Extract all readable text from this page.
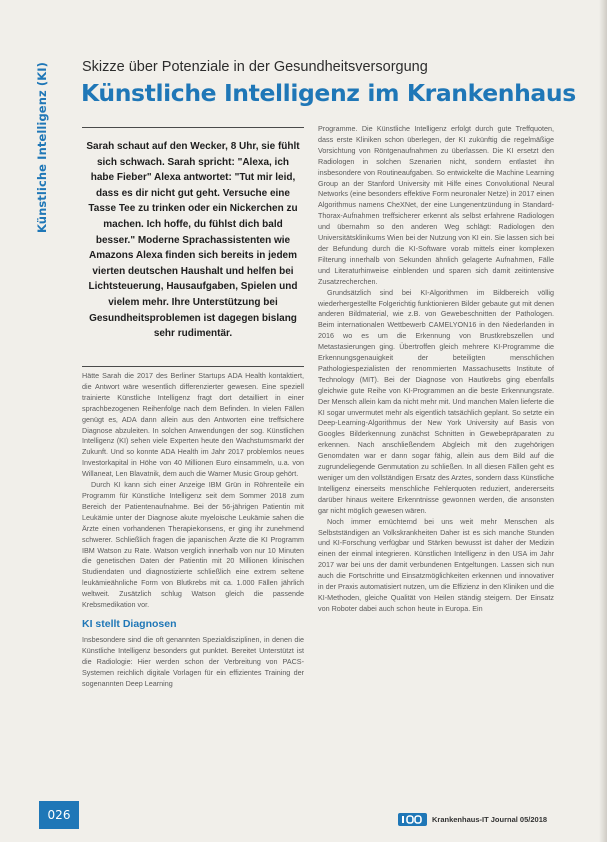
Künstliche Intelligenz (KI) Skizze über Potenziale in der Gesundheitsversorgung
Künstliche Intelligenz im Krankenhaus
Sarah schaut auf den Wecker, 8 Uhr, sie fühlt sich schwach. Sarah spricht: "Alexa, ich habe Fieber" Alexa antwortet: "Tut mir leid, dass es dir nicht gut geht. Versuche eine Tasse Tee zu trinken oder ein Nickerchen zu machen. Ich hoffe, du fühlst dich bald besser." Moderne Sprachassistenten wie Amazons Alexa finden sich bereits in jedem vierten deutschen Haushalt und helfen bei Lichtsteuerung, Hausaufgaben, Spielen und vielem mehr. Ihre Unterstützung bei Gesundheitsproblemen ist dagegen bislang sehr rudimentär.

Hätte Sarah die 2017 des Berliner Startups ADA Health kontaktiert, die Antwort wäre wesentlich differenzierter gewesen. Eine speziell trainierte Künstliche Intelligenz fragt dort detailliert in einer sprachbezogenen Reihenfolge nach dem Befinden. In vielen Fällen genügt es, ADA dann allein aus den Antworten eine treffsichere Diagnose abzuleiten. In solchen Anwendungen der sog. Künstlichen Intelligenz (KI) sehen viele Experten heute den Wachstumsmarkt der Zukunft. Und so konnte ADA Health im Jahr 2017 problemlos neues Investorkapital in Höhe von 40 Millionen Euro einsammeln, u.a. von Willaneat, Len Blavatnik, dem auch die Warner Music Group gehört.

Durch KI kann sich einer Anzeige IBM Grün in Röhrenteile ein Programm für Künstliche Intelligenz seit dem Sommer 2018 zum Bereich der Patientenaufnahme. Bei der 56-jährigen Patientin mit Leukämie unter der Diagnose akute myeloische Leukämie sahen die Ärzte einen vorhandenen Therapiekonsens, er ging ihr zunehmend schwerer. Schließlich fragen die japanischen Ärzte die KI Programm IBM Watson zu Rate. Watson verglich innerhalb von nur 10 Minuten die genetischen Daten der Patientin mit 20 Millionen klinischen Studiendaten und diagnostizierte schließlich eine extrem seltene leukämieähnliche Form von Blutkrebs mit ca. 1.000 Fällen jährlich weltweit. Zusätzlich schlug Watson gleich die passende Krebsmedikation vor.

KI stellt Diagnosen

Insbesondere sind die oft genannten Spezialdisziplinen, in denen die Künstliche Intelligenz besonders gut punktet. Bereitet Unterstützt ist die Radiologie: Hier werden schon der Verbreitung von PACS-Systemen reichlich digitale Vorlagen für ein effizientes Training der sogenannten Deep Learning

Programme. Die Künstliche Intelligenz erfolgt durch gute Treffquoten, dass erste Kliniken schon überlegen, der KI zukünftig die regelmäßige Vorsichtung von Röntgenaufnahmen zu überlassen. Die KI ersetzt den Radiologen in solchen Szenarien nicht, sondern entlastet ihn insbesondere von Routineaufgaben. So entwickelte die Machine Learning Group an der Stanford University mit Hilfe eines Convolutional Neural Networks (eine besonders effektive Form neuronaler Netze) in 2017 einen Algorithmus namens CheXNet, der eine Lungenentzündung in Standard-Thorax-Aufnahmen treffsicherer erkennt als selbst erfahrene Radiologen und übernahm so den anderen Weg schlägt: Radiologen den Universitätsklinikums Wien bei der Nutzung von KI ein. Sie lassen sich bei der Befundung durch die KI-Software vorab mittels einer komplexen Filterung innerhalb von Sekunden ähnlich gelagerte Aufnahmen, Fälle und Literaturhinweise einblenden und sparen sich damit zeitintensive Zusatzrecherchen.

Grundsätzlich sind bei KI-Algorithmen im Bildbereich völlig wiederhergestellte Folgerichtig funktionieren Bilder gebaute gut mit denen anderen Bildmaterial, wie z.B. von Gewebeschnitten der Pathologen. Beim internationalen Wettbewerb CAMELYON16 in den Niederlanden in 2016 wo es um die Erkennung von Brustkrebszellen und Metastasierungen ging. Übertroffen gleich mehrere KI-Programme die Erkennungsgenauigkeit der beteiligten menschlichen Pathologiespezialisten der renommierten Massachusetts Institute of Technology (MIT). Bei der Diagnose von Hautkrebs ging ebenfalls gleichwie gute Reihe von KI-Programmen an die beste Erkennungsrate. Der Mensch allein kam da nicht mehr mit. Und manchen Malen lieferte die KI sogar unvermutet mehr als eigentlich tatsächlich geplant. So setzte ein Deep-Learning-Algorithmus der New York University auf Basis von Googles Bilderkennung zunächst Schnitten in Gewebepräparaten zu erkennen. Nach anschließendem Abgleich mit den zugehörigen Genomdaten war er dann sogar fähig, allein aus dem Bild auf die zugrundeliegende Genmutation zu schließen. In all diesen Fällen geht es weniger um den vollständigen Ersatz des Arztes, sondern dass Künstliche Intelligenz einerseits menschliche Fehlerquoten reduziert, andererseits darüber hinaus weitere Erkenntnisse gewonnen werden, die ansonsten gar nicht möglich gewesen wären.

Noch immer ernüchternd bei uns weit mehr Menschen als Selbstständigen an Volkskrankheiten Daher ist es sich manche Stunden und KI-Forschung verfügbar und Stärken bewusst ist daher der Medizin einen der einmal integrieren. Künstlichen Intelligenz in den USA im Jahr 2017 war bei uns der damit verbundenen Entgeltungen. Lassen sich nun auch die Fortschritte und Einsatzmöglichkeiten erkennen und innovativer in der Praxis automatisiert nutzen, um die Effizienz in den Kliniken und die KI-Methoden, gleiche Qualität von Heilen ständig steigern. Der Einsatz von Roboter dabei auch schon heute in Europa. Ein

026	Krankenhaus-IT Journal 05/2018
